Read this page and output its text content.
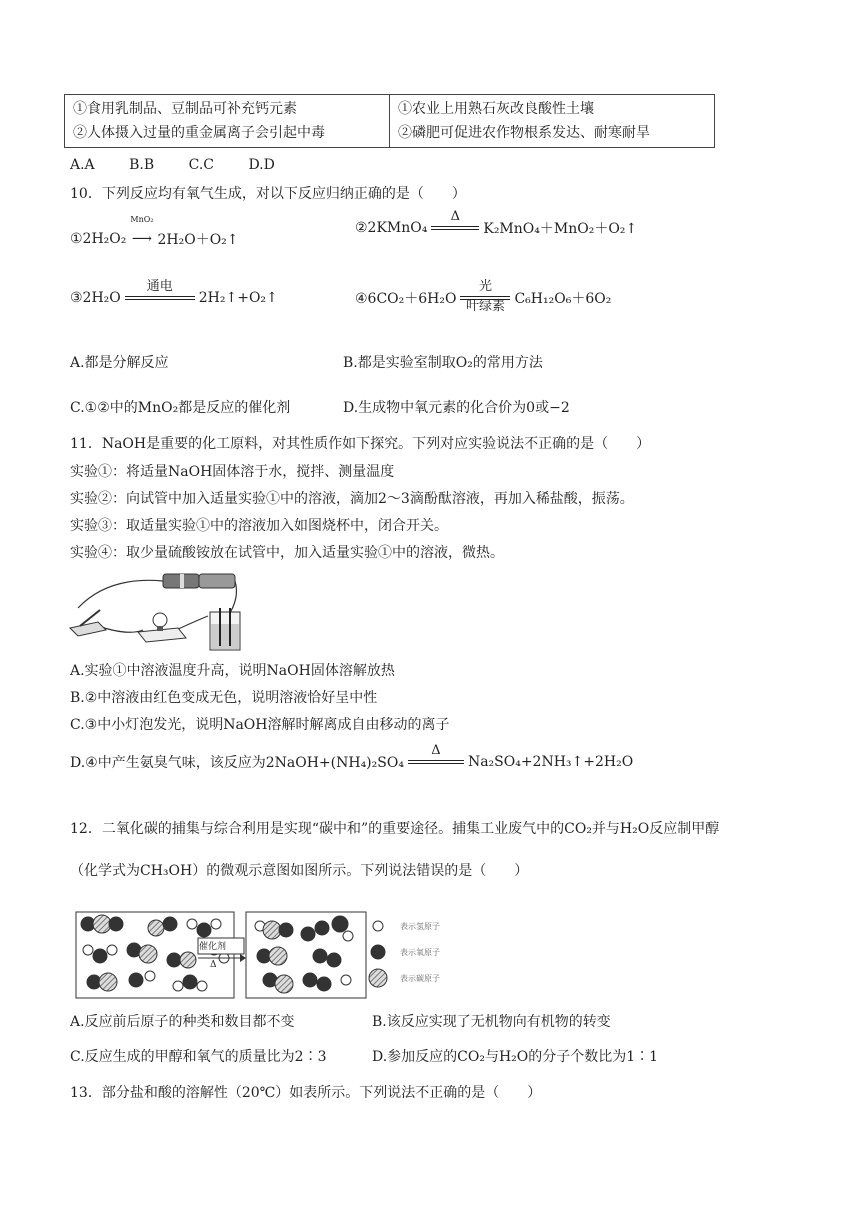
①食用乳制品、豆制品可补充钙元素
②人体摄入过量的重金属离子会引起中毒

①农业上用熟石灰改良酸性土壤
②磷肥可促进农作物根系发达、耐寒耐旱
A.A B.B C.C D.D
10．下列反应均有氧气生成，对以下反应归纳正确的是（　　）
①2H₂O₂
MnO₂
⟶ 2H₂O＋O₂↑
②2KMnO₄
Δ
K₂MnO₄＋MnO₂＋O₂↑
③2H₂O
通电
2H₂↑+O₂↑	④6CO₂＋6H₂O
光
叶绿素 C₆H₁₂O₆＋6O₂
A.都是分解反应	B.都是实验室制取O₂的常用方法
C.①②中的MnO₂都是反应的催化剂	D.生成物中氧元素的化合价为0或−2
11．NaOH是重要的化工原料，对其性质作如下探究。下列对应实验说法不正确的是（　　）
实验①：将适量NaOH固体溶于水，搅拌、测量温度
实验②：向试管中加入适量实验①中的溶液，滴加2～3滴酚酞溶液，再加入稀盐酸，振荡。
实验③：取适量实验①中的溶液加入如图烧杯中，闭合开关。
实验④：取少量硫酸铵放在试管中，加入适量实验①中的溶液，微热。
A.实验①中溶液温度升高，说明NaOH固体溶解放热
B.②中溶液由红色变成无色，说明溶液恰好呈中性
C.③中小灯泡发光，说明NaOH溶解时解离成自由移动的离子
D.④中产生氨臭气味，该反应为2NaOH+(NH₄)₂SO₄
Δ
Na₂SO₄+2NH₃↑+2H₂O
12．二氧化碳的捕集与综合利用是实现“碳中和”的重要途径。捕集工业废气中的CO₂并与H₂O反应制甲醇
（化学式为CH₃OH）的微观示意图如图所示。下列说法错误的是（　　）
催化剂
Δ
表示氢原子
表示氧原子
表示碳原子
A.反应前后原子的种类和数目都不变	B.该反应实现了无机物向有机物的转变
C.反应生成的甲醇和氧气的质量比为2∶3	D.参加反应的CO₂与H₂O的分子个数比为1∶1
13．部分盐和酸的溶解性（20℃）如表所示。下列说法不正确的是（　　）
